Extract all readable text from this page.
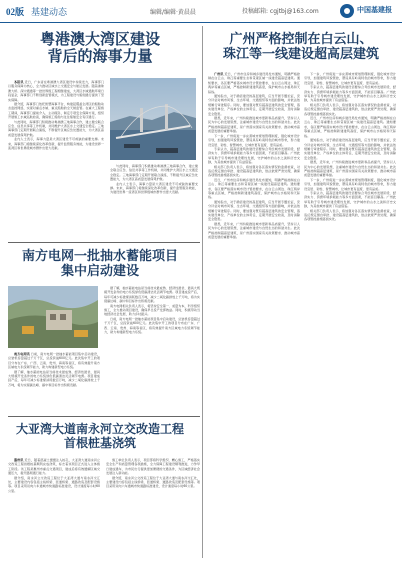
02版 基建动态	编辑/编辑·黄晨晨	投稿邮箱: cgjtbj@163.com	中国基建报
粤港澳大湾区建设
背后的海事力量

本报讯 近日，广东省在粤港澳大湾区建设中持续发力，海事部门以服务保障为核心，全力推动区域水上交通安全与航运发展。随着港珠澳大桥、深中通道等一批世界级工程相继建成，大湾区水域通航环境日趋复杂，海事部门不断创新监管模式，为工程建设与船舶通行提供了坚实保障。

据介绍，海事部门依托智慧海事平台，构建起覆盖全湾区的船舶动态监控网络，实现对重点水域、重点船舶的全天候监管。在重大工程施工期间，海事部门提前介入、主动服务，制定专项安全保障方案，组织开展施工水域巡航检查，确保施工船舶与过往船舶安全有序通行。

与此同时，海事部门积极推动粤港澳三地海事合作，建立健全联合应急、信息共享等工作机制，共同维护大湾区水上交通安全稳定。三地海事部门定期开展联合演练，不断提升区域应急处置能力，为大湾区高质量发展保驾护航。

业内人士表示，海事力量是大湾区建设不可或缺的重要支撑。未来，海事部门将继续深化改革创新，提升监管服务效能，为建设世界一流湾区和世界级城市群作出更大贡献。

与此同时，海事部门积极推动粤港澳三地海事合作，建立健全联合应急、信息共享等工作机制，共同维护大湾区水上交通安全稳定。三地海事部门定期开展联合演练，不断提升区域应急处置能力，为大湾区高质量发展保驾护航。

业内人士表示，海事力量是大湾区建设不可或缺的重要支撑。未来，海事部门将继续深化改革创新，提升监管服务效能，为建设世界一流湾区和世界级城市群作出更大贡献。

南方电网一批抽水蓄能项目
集中启动建设

南方电网讯 日前，南方电网一批抽水蓄能项目集中启动建设，总装机容量超过千万千瓦，总投资逾600亿元。此次集中开工的项目分布在广东、广西、云南、贵州、海南等省区，将有效提升南方区域电力系统调节能力，助力构建新型电力系统。

据了解，抽水蓄能电站是当前技术最成熟、经济性最优、最具大规模开发条件的电力系统绿色低碳清洁灵活调节电源。项目建成投产后，每年可减少标准煤消耗数百万吨，减少二氧化碳排放上千万吨，将为实现碳达峰、碳中和目标作出积极贡献。

据了解，抽水蓄能电站是当前技术最成熟、经济性最优、最具大规模开发条件的电力系统绿色低碳清洁灵活调节电源。项目建成投产后，每年可减少标准煤消耗数百万吨，减少二氧化碳排放上千万吨，将为实现碳达峰、碳中和目标作出积极贡献。

南方电网相关负责人表示，将坚持安全第一、质量为本，科学组织施工，全力推动项目建设，确保早日投产发挥效益。同时，积极带动当地经济社会发展，助力乡村振兴。

日前，南方电网一批抽水蓄能项目集中启动建设，总装机容量超过千万千瓦，总投资逾600亿元。此次集中开工的项目分布在广东、广西、云南、贵州、海南等省区，将有效提升南方区域电力系统调节能力，助力构建新型电力系统。

大亚湾大道南永河立交改造工程
首根桩基浇筑

惠州讯 近日，随着混凝土缓缓注入桩孔，大亚湾大道南永河立交改造工程首根桩基顺利完成浇筑，标志着该项目正式进入主体施工阶段。该工程是惠州市重点交通项目，建成后将有效缓解区域交通压力，提升路网通行能力。

据介绍，南永河立交改造工程位于大亚湾大道与南永河交汇处，主要建设内容包括主线桥梁、匝道桥梁、道路改造及配套设施等。项目采用双向六车道城市快速路标准建设，设计速度每小时60公里。

施工单位负责人表示，项目部将科学组织、精心施工，严格落实安全生产和质量管理各项措施，全力保障工程建设顺利推进，力争早日建成通车，为市民出行提供更加便捷的交通条件，为区域经济社会发展注入新动能。

据介绍，南永河立交改造工程位于大亚湾大道与南永河交汇处，主要建设内容包括主线桥梁、匝道桥梁、道路改造及配套设施等。项目采用双向六车道城市快速路标准建设，设计速度每小时60公里。

广州严格控制在白云山、
珠江等一线建设超高层建筑

广州讯 近日，广州市住房和城乡建设局发布通知，明确严格控制在白云山、珠江等重要生态和景观区域一线建设超高层建筑。通知要求，各区要严格落实城市设计管控要求，在白云山周边、珠江两岸等重点区域，严格控制新建建筑高度，保护城市山水格局和天际线。

通知指出，对于确需建设的高层建筑，应当开展专题论证，充分评估对城市风貌、生态环境、交通组织等方面的影响，并依法依规履行审批程序。同时，要加强对既有超高层建筑的安全管理，落实建设单位、产权单位的主体责任，定期开展安全检查，及时消除安全隐患。

据悉，近年来，广州持续推进城市更新和品质提升，坚持以人民为中心的发展思想，注重城市建设与自然生态的和谐共生。此次严格控制超高层建筑，是广州落实国家有关政策要求、推动城市高质量发展的重要举措。

下一步，广州将进一步完善城市规划管理制度，强化城市设计引导，加强建筑风貌管控，塑造具有岭南特色的城市形象，努力建设宜居、韧性、智慧城市，让城市更有温度、更有品质。

专家认为，超高层建筑的建设需要综合考虑城市发展阶段、经济实力、资源环境承载能力等多方面因素，不能盲目攀高。广州此举有助于引导城市建设理性发展，守护城市的山水之美和历史文脉，为其他城市提供了有益借鉴。

相关部门负责人表示，将加强对各区落实情况的监督检查，对违反规定擅自审批、建设超高层建筑的，依法依规严肃处理，确保各项管控措施落到实处。

近日，广州市住房和城乡建设局发布通知，明确严格控制在白云山、珠江等重要生态和景观区域一线建设超高层建筑。通知要求，各区要严格落实城市设计管控要求，在白云山周边、珠江两岸等重点区域，严格控制新建建筑高度，保护城市山水格局和天际线。

通知指出，对于确需建设的高层建筑，应当开展专题论证，充分评估对城市风貌、生态环境、交通组织等方面的影响，并依法依规履行审批程序。同时，要加强对既有超高层建筑的安全管理，落实建设单位、产权单位的主体责任，定期开展安全检查，及时消除安全隐患。

据悉，近年来，广州持续推进城市更新和品质提升，坚持以人民为中心的发展思想，注重城市建设与自然生态的和谐共生。此次严格控制超高层建筑，是广州落实国家有关政策要求、推动城市高质量发展的重要举措。

下一步，广州将进一步完善城市规划管理制度，强化城市设计引导，加强建筑风貌管控，塑造具有岭南特色的城市形象，努力建设宜居、韧性、智慧城市，让城市更有温度、更有品质。

专家认为，超高层建筑的建设需要综合考虑城市发展阶段、经济实力、资源环境承载能力等多方面因素，不能盲目攀高。广州此举有助于引导城市建设理性发展，守护城市的山水之美和历史文脉，为其他城市提供了有益借鉴。

相关部门负责人表示，将加强对各区落实情况的监督检查，对违反规定擅自审批、建设超高层建筑的，依法依规严肃处理，确保各项管控措施落到实处。

近日，广州市住房和城乡建设局发布通知，明确严格控制在白云山、珠江等重要生态和景观区域一线建设超高层建筑。通知要求，各区要严格落实城市设计管控要求，在白云山周边、珠江两岸等重点区域，严格控制新建建筑高度，保护城市山水格局和天际线。

通知指出，对于确需建设的高层建筑，应当开展专题论证，充分评估对城市风貌、生态环境、交通组织等方面的影响，并依法依规履行审批程序。同时，要加强对既有超高层建筑的安全管理，落实建设单位、产权单位的主体责任，定期开展安全检查，及时消除安全隐患。

据悉，近年来，广州持续推进城市更新和品质提升，坚持以人民为中心的发展思想，注重城市建设与自然生态的和谐共生。此次严格控制超高层建筑，是广州落实国家有关政策要求、推动城市高质量发展的重要举措。

下一步，广州将进一步完善城市规划管理制度，强化城市设计引导，加强建筑风貌管控，塑造具有岭南特色的城市形象，努力建设宜居、韧性、智慧城市，让城市更有温度、更有品质。

专家认为，超高层建筑的建设需要综合考虑城市发展阶段、经济实力、资源环境承载能力等多方面因素，不能盲目攀高。广州此举有助于引导城市建设理性发展，守护城市的山水之美和历史文脉，为其他城市提供了有益借鉴。

相关部门负责人表示，将加强对各区落实情况的监督检查，对违反规定擅自审批、建设超高层建筑的，依法依规严肃处理，确保各项管控措施落到实处。
